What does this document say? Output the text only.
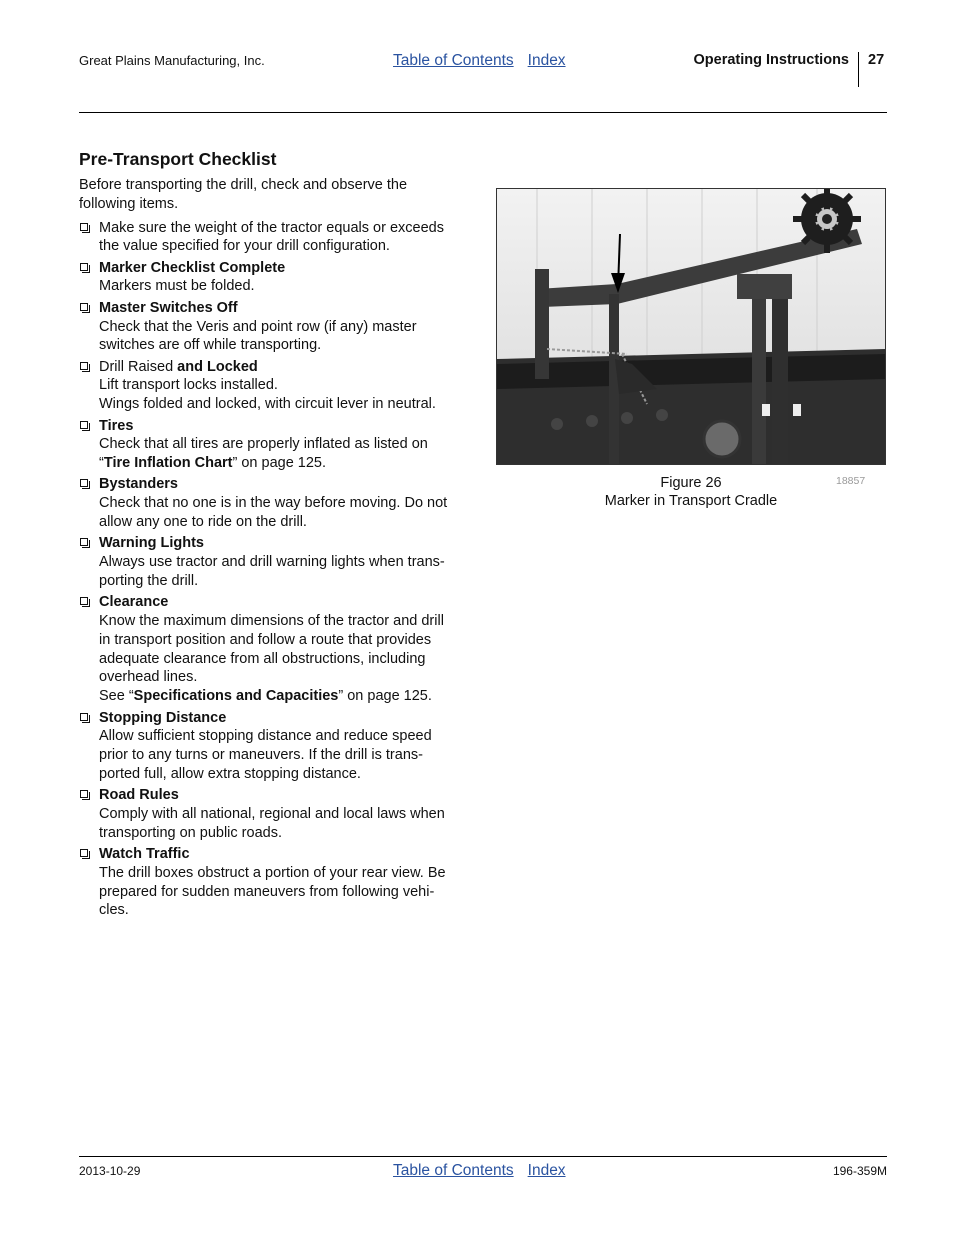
Great Plains Manufacturing, Inc.	Table of Contents Index	Operating Instructions 27
Pre-Transport Checklist

Before transporting the drill, check and observe the following items.

Make sure the weight of the tractor equals or exceeds
the value specified for your drill configuration.
Marker Checklist Complete
Markers must be folded.
Master Switches Off
Check that the Veris and point row (if any) master
switches are off while transporting.
Drill Raised and Locked
Lift transport locks installed.
Wings folded and locked, with circuit lever in neutral.
Tires
Check that all tires are properly inflated as listed on
“Tire Inflation Chart” on page 125.
Bystanders
Check that no one is in the way before moving. Do not
allow any one to ride on the drill.
Warning Lights
Always use tractor and drill warning lights when trans-
porting the drill.
Clearance
Know the maximum dimensions of the tractor and drill
in transport position and follow a route that provides
adequate clearance from all obstructions, including
overhead lines.
See “Specifications and Capacities” on page 125.
Stopping Distance
Allow sufficient stopping distance and reduce speed
prior to any turns or maneuvers. If the drill is trans-
ported full, allow extra stopping distance.
Road Rules
Comply with all national, regional and local laws when
transporting on public roads.
Watch Traffic
The drill boxes obstruct a portion of your rear view. Be
prepared for sudden maneuvers from following vehi-
cles.
Figure 26
Marker in Transport Cradle
18857
2013-10-29	Table of Contents Index	196-359M
